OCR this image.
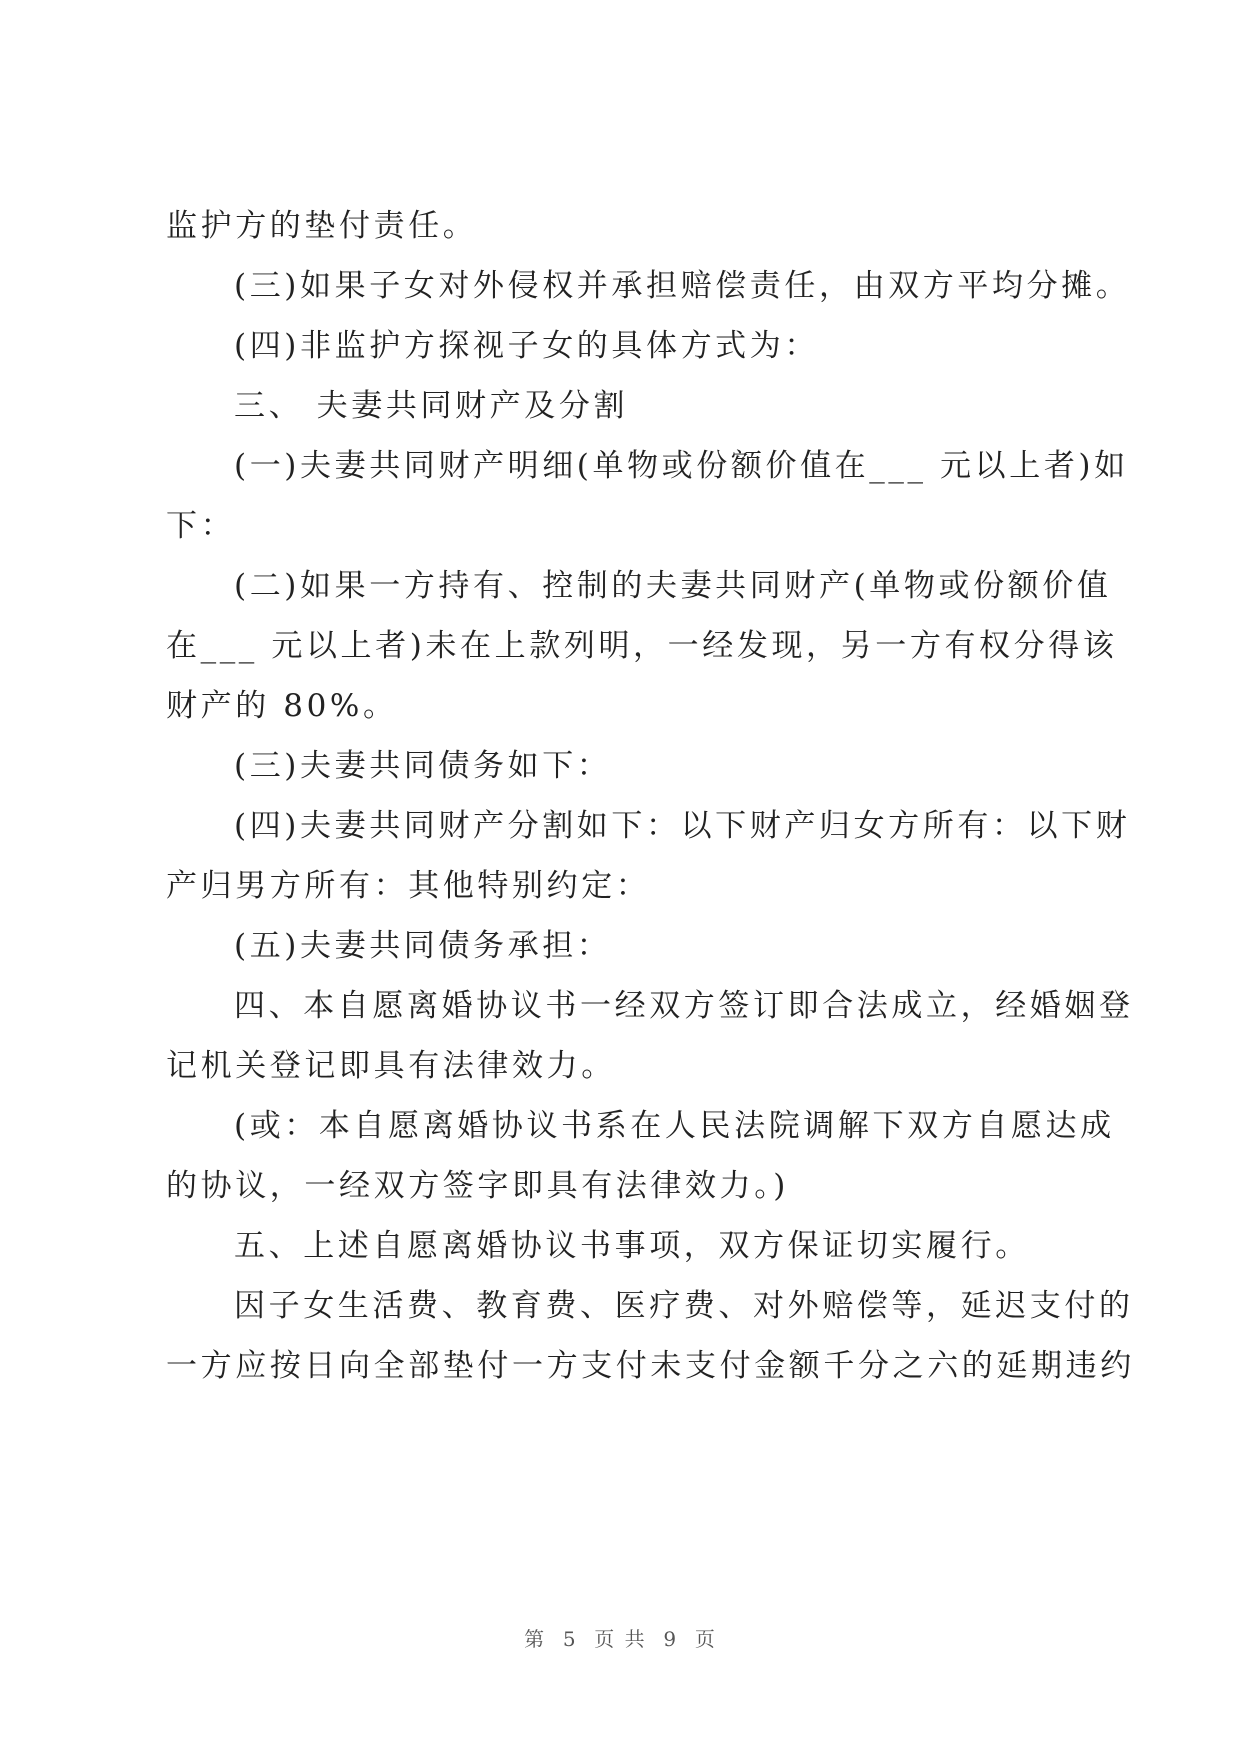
监护方的垫付责任。
(三)如果子女对外侵权并承担赔偿责任，由双方平均分摊。
(四)非监护方探视子女的具体方式为：
三、 夫妻共同财产及分割
(一)夫妻共同财产明细(单物或份额价值在___ 元以上者)如
下：
(二)如果一方持有、控制的夫妻共同财产(单物或份额价值
在___ 元以上者)未在上款列明，一经发现，另一方有权分得该
财产的 80%。
(三)夫妻共同债务如下：
(四)夫妻共同财产分割如下：以下财产归女方所有：以下财
产归男方所有：其他特别约定：
(五)夫妻共同债务承担：
四、本自愿离婚协议书一经双方签订即合法成立，经婚姻登
记机关登记即具有法律效力。
(或：本自愿离婚协议书系在人民法院调解下双方自愿达成
的协议，一经双方签字即具有法律效力。)
五、上述自愿离婚协议书事项，双方保证切实履行。
因子女生活费、教育费、医疗费、对外赔偿等，延迟支付的
一方应按日向全部垫付一方支付未支付金额千分之六的延期违约
第  5  页 共  9  页
